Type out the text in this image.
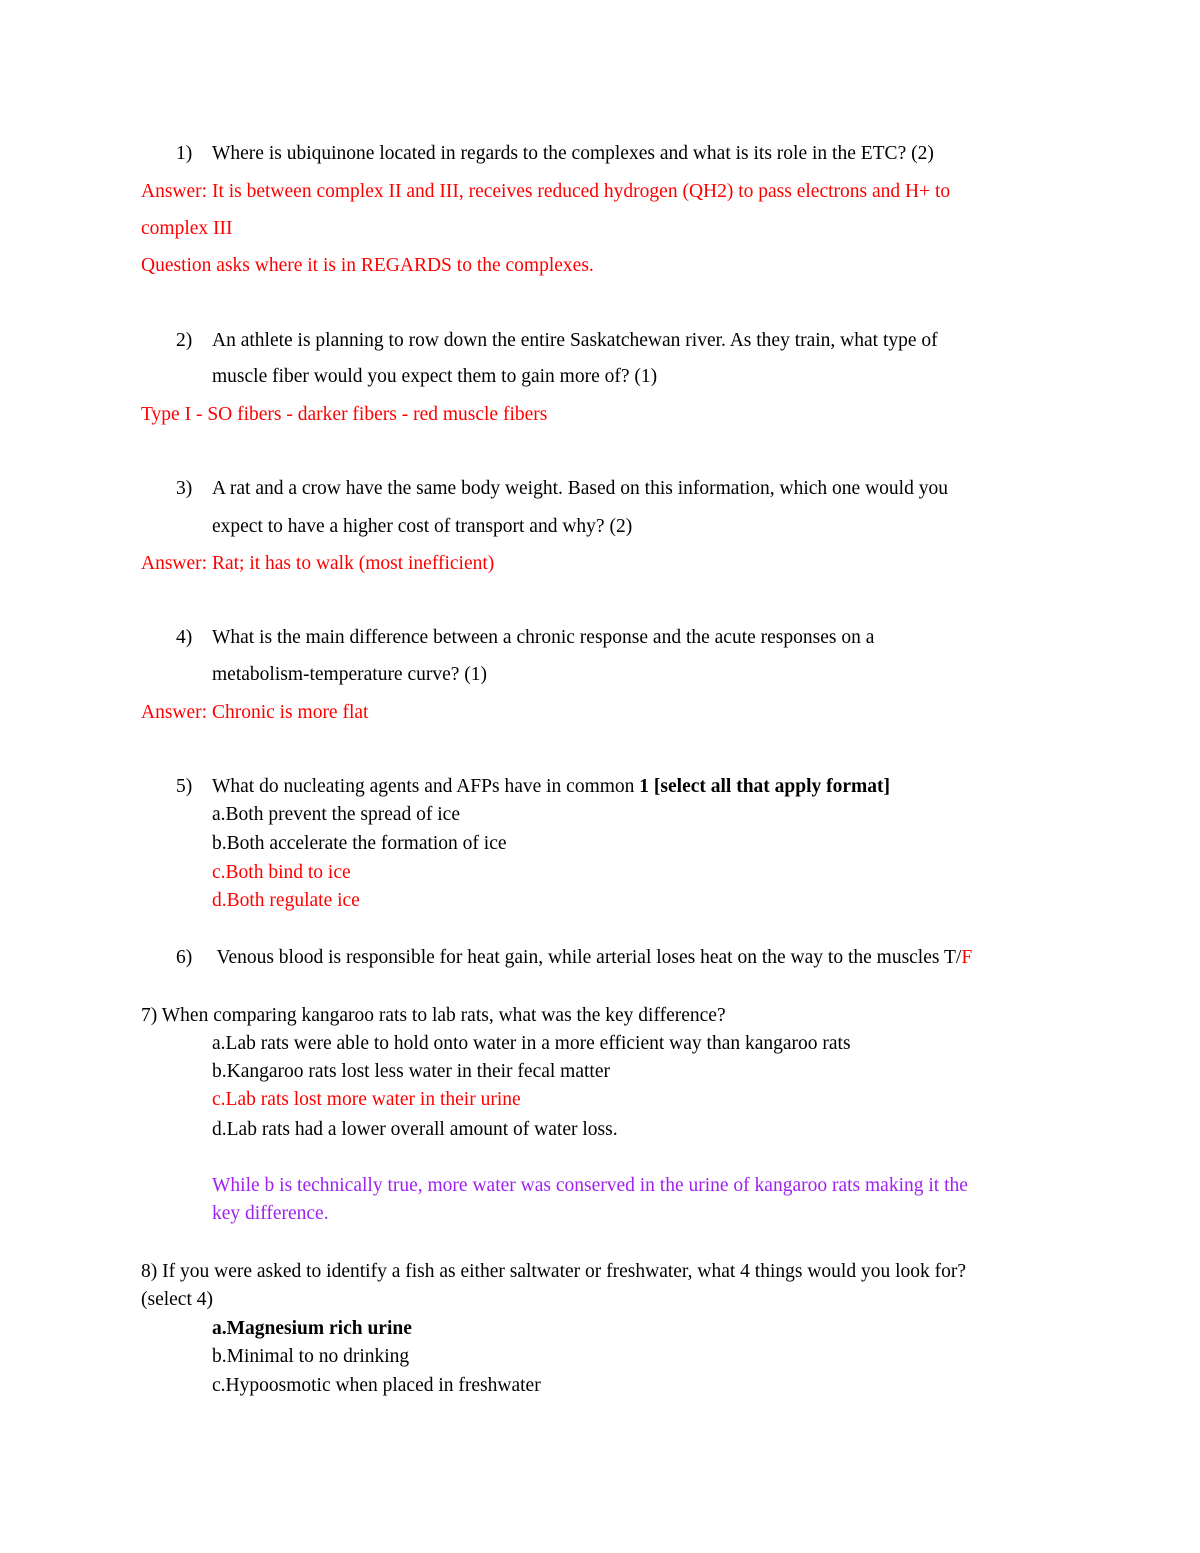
1) Where is ubiquinone located in regards to the complexes and what is its role in the ETC? (2)
Answer: It is between complex II and III, receives reduced hydrogen (QH2) to pass electrons and H+ to
complex III
Question asks where it is in REGARDS to the complexes.
2) An athlete is planning to row down the entire Saskatchewan river. As they train, what type of
muscle fiber would you expect them to gain more of? (1)
Type I - SO fibers - darker fibers - red muscle fibers
3) A rat and a crow have the same body weight. Based on this information, which one would you
expect to have a higher cost of transport and why? (2)
Answer: Rat; it has to walk (most inefficient)
4) What is the main difference between a chronic response and the acute responses on a
metabolism-temperature curve? (1)
Answer: Chronic is more flat
5) What do nucleating agents and AFPs have in common 1 [select all that apply format]
a.Both prevent the spread of ice
b.Both accelerate the formation of ice
c.Both bind to ice
d.Both regulate ice
6) Venous blood is responsible for heat gain, while arterial loses heat on the way to the muscles T/F
7) When comparing kangaroo rats to lab rats, what was the key difference?
a.Lab rats were able to hold onto water in a more efficient way than kangaroo rats
b.Kangaroo rats lost less water in their fecal matter
c.Lab rats lost more water in their urine
d.Lab rats had a lower overall amount of water loss.
While b is technically true, more water was conserved in the urine of kangaroo rats making it the
key difference.
8) If you were asked to identify a fish as either saltwater or freshwater, what 4 things would you look for?
(select 4)
a.Magnesium rich urine
b.Minimal to no drinking
c.Hypoosmotic when placed in freshwater
